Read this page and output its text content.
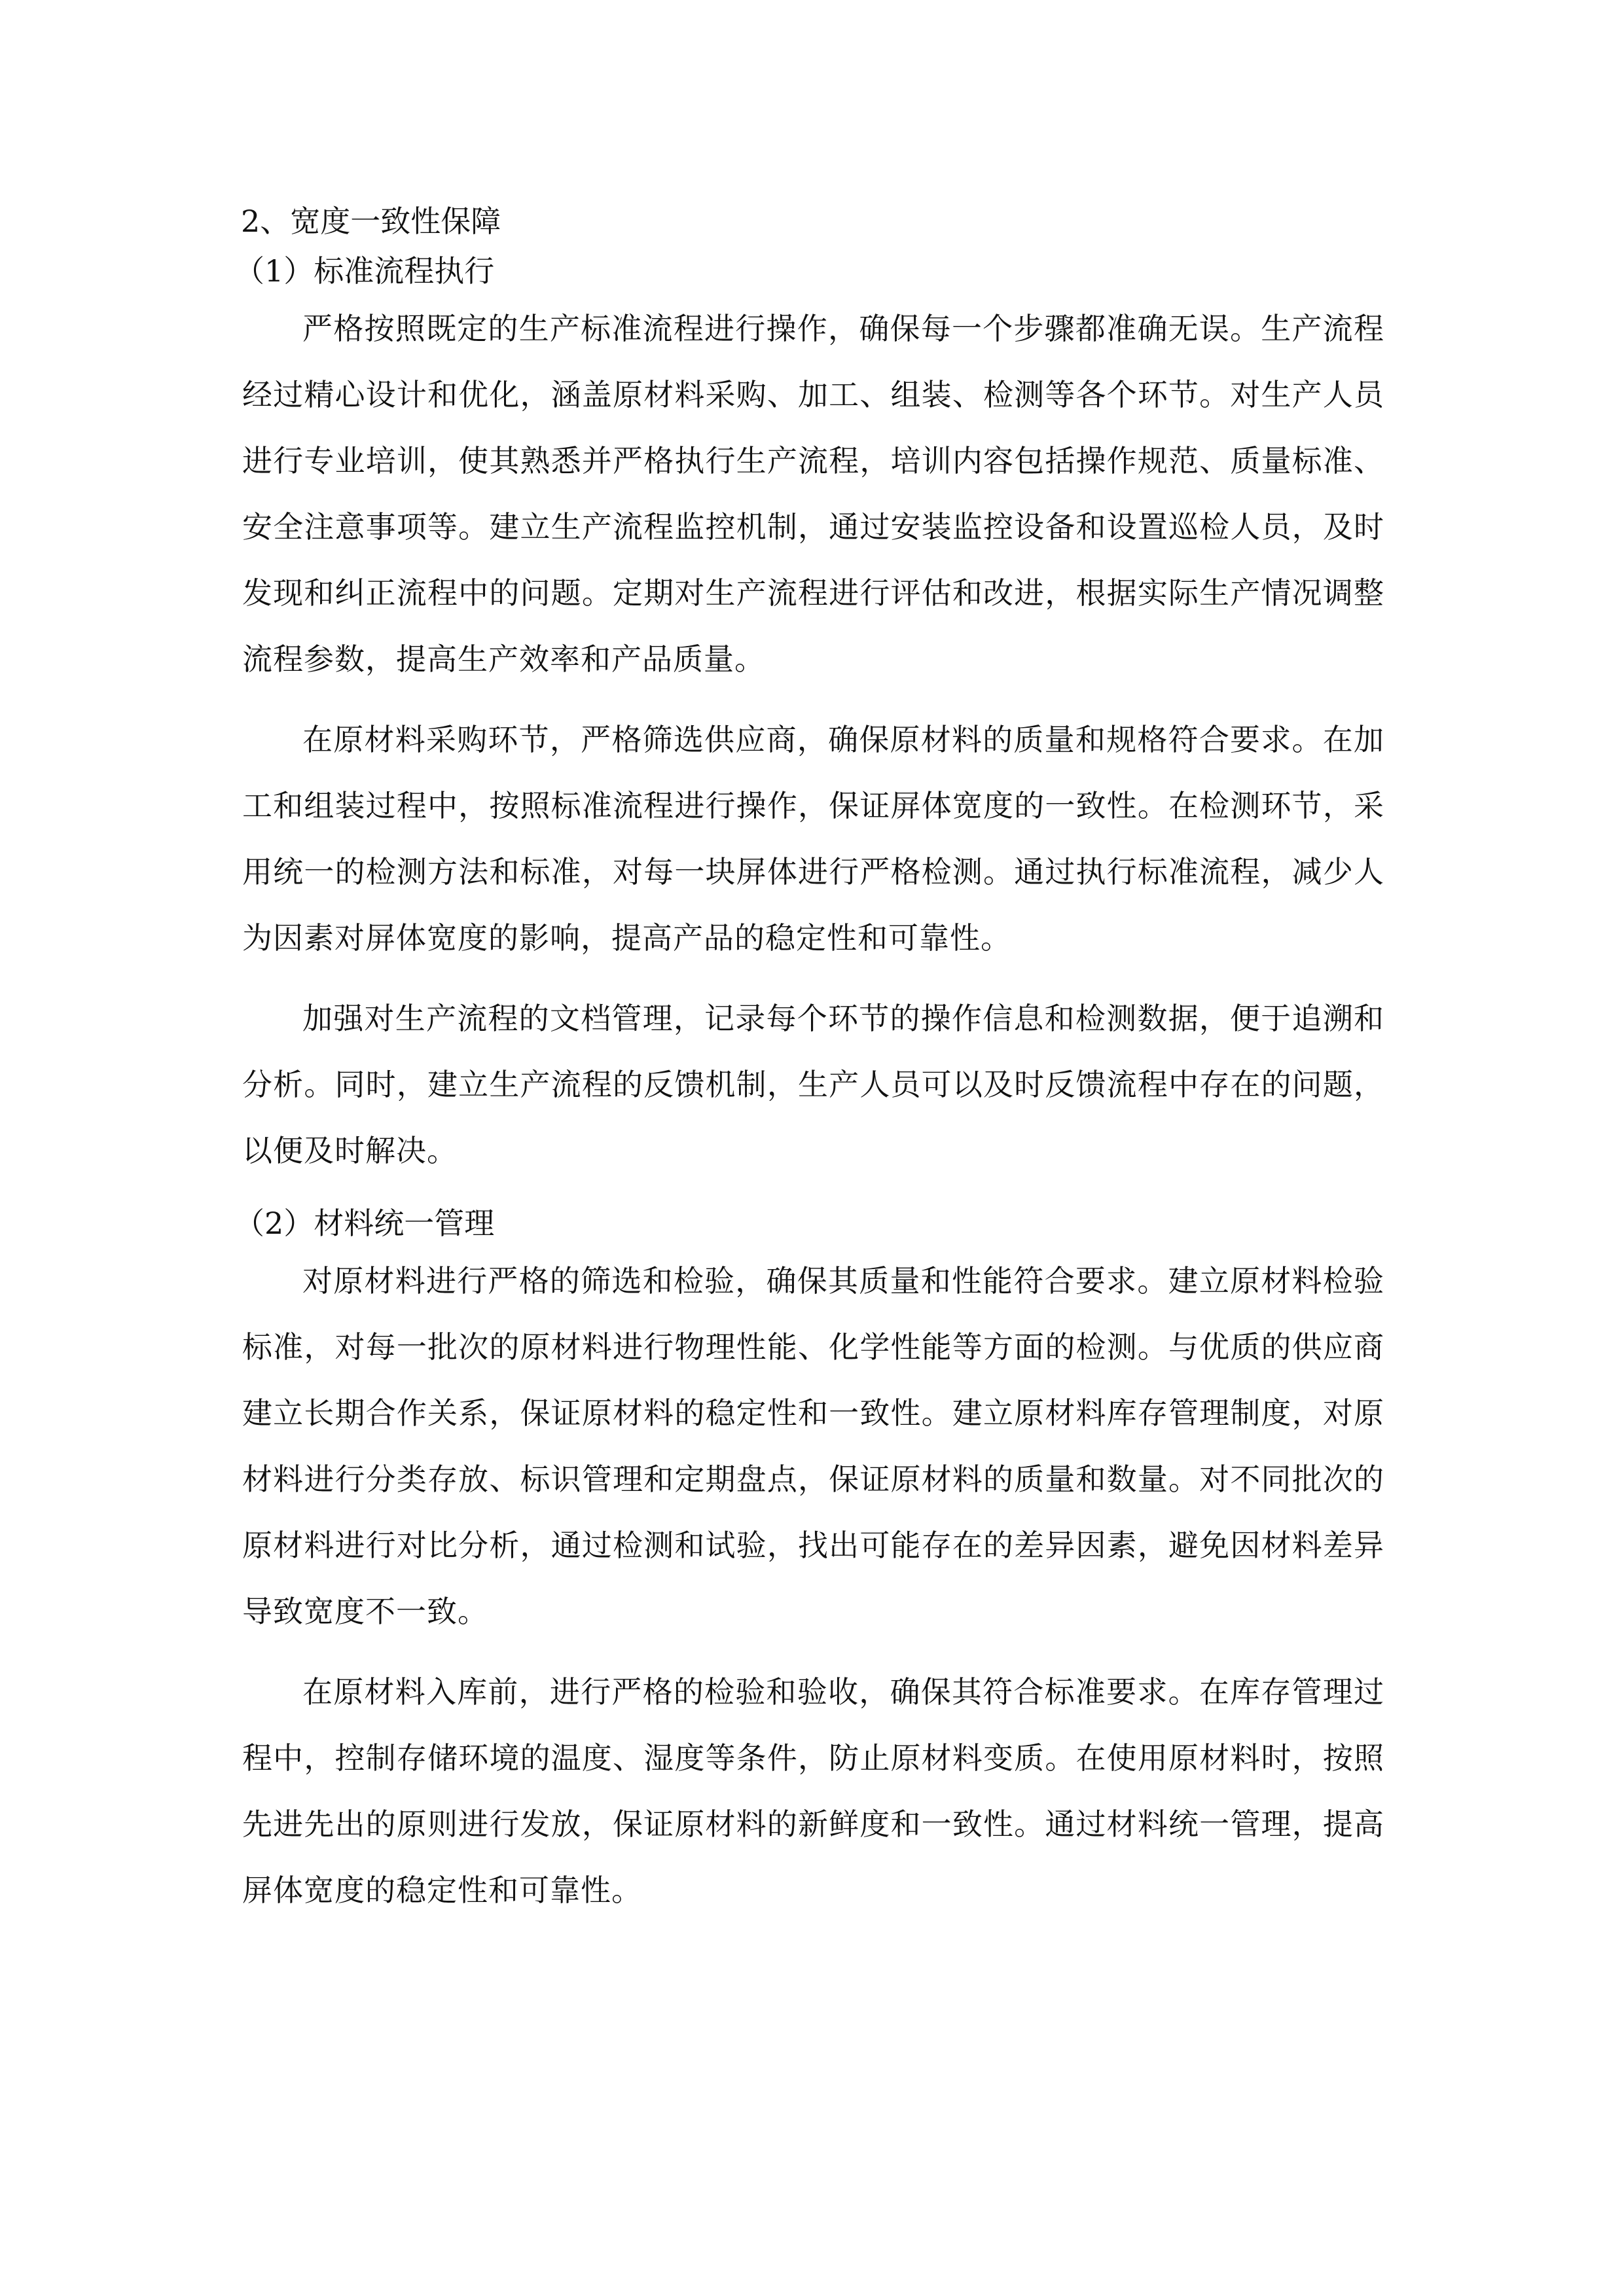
2、宽度一致性保障

（1）标准流程执行

严格按照既定的生产标准流程进行操作，确保每一个步骤都准确无误。生产流程经过精心设计和优化，涵盖原材料采购、加工、组装、检测等各个环节。对生产人员进行专业培训，使其熟悉并严格执行生产流程，培训内容包括操作规范、质量标准、安全注意事项等。建立生产流程监控机制，通过安装监控设备和设置巡检人员，及时发现和纠正流程中的问题。定期对生产流程进行评估和改进，根据实际生产情况调整流程参数，提高生产效率和产品质量。

在原材料采购环节，严格筛选供应商，确保原材料的质量和规格符合要求。在加工和组装过程中，按照标准流程进行操作，保证屏体宽度的一致性。在检测环节，采用统一的检测方法和标准，对每一块屏体进行严格检测。通过执行标准流程，减少人为因素对屏体宽度的影响，提高产品的稳定性和可靠性。

加强对生产流程的文档管理，记录每个环节的操作信息和检测数据，便于追溯和分析。同时，建立生产流程的反馈机制，生产人员可以及时反馈流程中存在的问题，以便及时解决。

（2）材料统一管理

对原材料进行严格的筛选和检验，确保其质量和性能符合要求。建立原材料检验标准，对每一批次的原材料进行物理性能、化学性能等方面的检测。与优质的供应商建立长期合作关系，保证原材料的稳定性和一致性。建立原材料库存管理制度，对原材料进行分类存放、标识管理和定期盘点，保证原材料的质量和数量。对不同批次的原材料进行对比分析，通过检测和试验，找出可能存在的差异因素，避免因材料差异导致宽度不一致。

在原材料入库前，进行严格的检验和验收，确保其符合标准要求。在库存管理过程中，控制存储环境的温度、湿度等条件，防止原材料变质。在使用原材料时，按照先进先出的原则进行发放，保证原材料的新鲜度和一致性。通过材料统一管理，提高屏体宽度的稳定性和可靠性。
